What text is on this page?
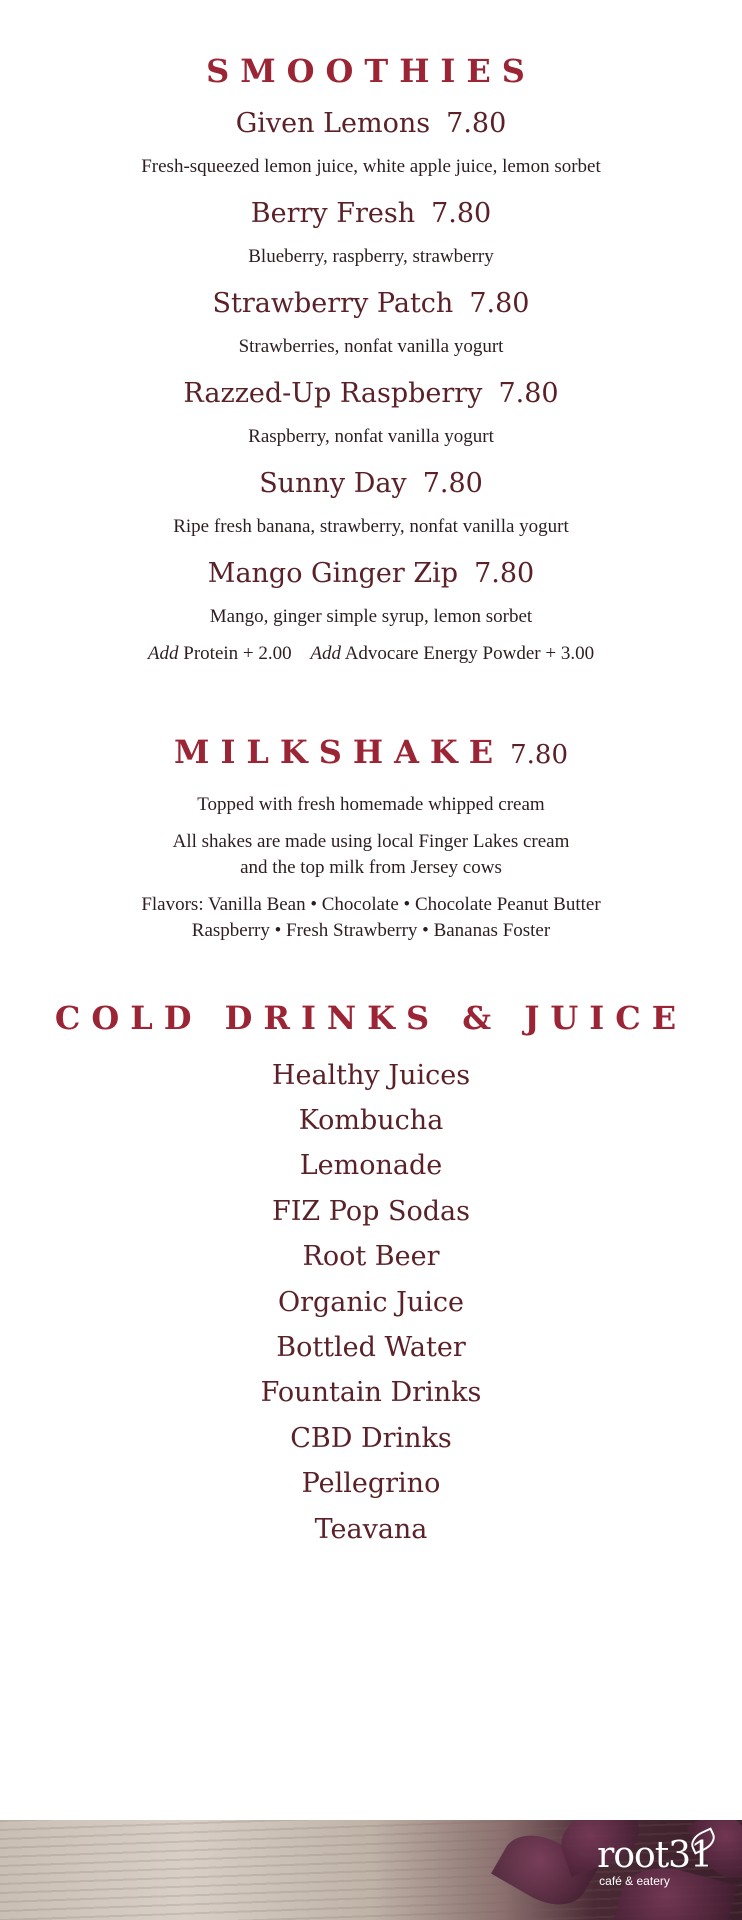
SMOOTHIES
Given Lemons 7.80
Fresh-squeezed lemon juice, white apple juice, lemon sorbet
Berry Fresh 7.80
Blueberry, raspberry, strawberry
Strawberry Patch 7.80
Strawberries, nonfat vanilla yogurt
Razzed-Up Raspberry 7.80
Raspberry, nonfat vanilla yogurt
Sunny Day 7.80
Ripe fresh banana, strawberry, nonfat vanilla yogurt
Mango Ginger Zip 7.80
Mango, ginger simple syrup, lemon sorbet
Add Protein + 2.00 Add Advocare Energy Powder + 3.00
MILKSHAKE 7.80
Topped with fresh homemade whipped cream
All shakes are made using local Finger Lakes cream
and the top milk from Jersey cows
Flavors: Vanilla Bean • Chocolate • Chocolate Peanut Butter
Raspberry • Fresh Strawberry • Bananas Foster
COLD DRINKS & JUICE
Healthy Juices
Kombucha
Lemonade
FIZ Pop Sodas
Root Beer
Organic Juice
Bottled Water
Fountain Drinks
CBD Drinks
Pellegrino
Teavana
root31
café & eatery
